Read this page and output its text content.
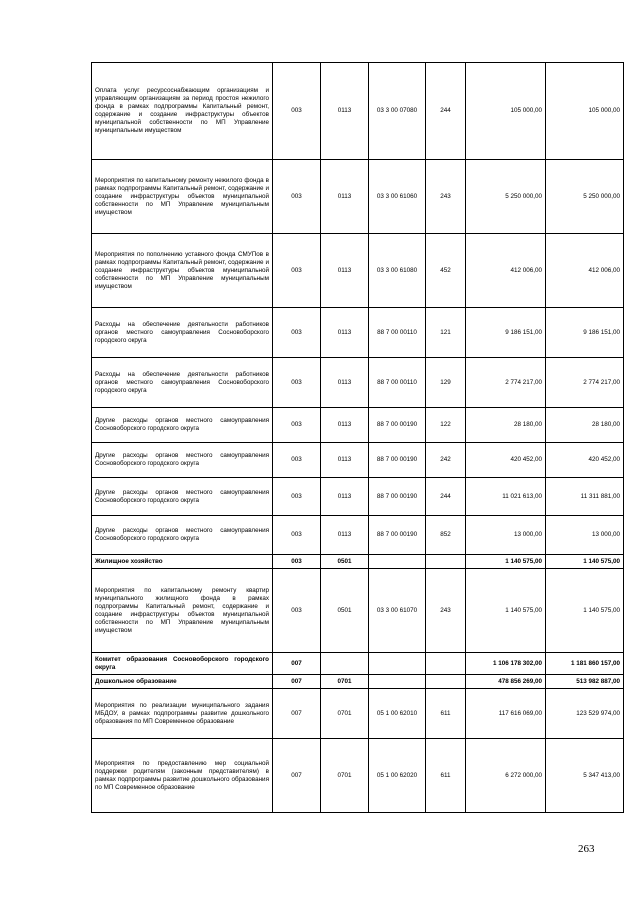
Оплата услуг ресурсоснабжающим организациям и управляющим организациям за период простоя нежилого фонда в рамках подпрограммы Капитальный ремонт, содержание и создание инфраструктуры объектов муниципальной собственности по МП Управление муниципальным имуществом	003	0113	03 3 00 07080	244	105 000,00	105 000,00
Мероприятия по капитальному ремонту нежилого фонда в рамках подпрограммы Капитальный ремонт, содержание и создание инфраструктуры объектов муниципальной собственности по МП Управление муниципальным имуществом	003	0113	03 3 00 61060	243	5 250 000,00	5 250 000,00
Мероприятия по пополнению уставного фонда СМУПов в рамках подпрограммы Капитальный ремонт, содержание и создание инфраструктуры объектов муниципальной собственности по МП Управление муниципальным имуществом	003	0113	03 3 00 61080	452	412 006,00	412 006,00
Расходы на обеспечение деятельности работников органов местного самоуправления Сосновоборского городского округа	003	0113	88 7 00 00110	121	9 186 151,00	9 186 151,00
Расходы на обеспечение деятельности работников органов местного самоуправления Сосновоборского городского округа	003	0113	88 7 00 00110	129	2 774 217,00	2 774 217,00
Другие расходы органов местного самоуправления Сосновоборского городского округа	003	0113	88 7 00 00190	122	28 180,00	28 180,00
Другие расходы органов местного самоуправления Сосновоборского городского округа	003	0113	88 7 00 00190	242	420 452,00	420 452,00
Другие расходы органов местного самоуправления Сосновоборского городского округа	003	0113	88 7 00 00190	244	11 021 613,00	11 311 881,00
Другие расходы органов местного самоуправления Сосновоборского городского округа	003	0113	88 7 00 00190	852	13 000,00	13 000,00
Жилищное хозяйство	003	0501			1 140 575,00	1 140 575,00
Мероприятия по капитальному ремонту квартир муниципального жилищного фонда в рамках подпрограммы Капитальный ремонт, содержание и создание инфраструктуры объектов муниципальной собственности по МП Управление муниципальным имуществом	003	0501	03 3 00 61070	243	1 140 575,00	1 140 575,00
Комитет образования Сосновоборского городского округа	007				1 106 178 302,00	1 181 860 157,00
Дошкольное образование	007	0701			478 856 269,00	513 982 887,00
Мероприятия по реализации муниципального задания МБДОУ, в рамках подпрограммы развитие дошкольного образования по МП Современное образование	007	0701	05 1 00 62010	611	117 616 069,00	123 529 974,00
Мероприятия по предоставлению мер социальной поддержки родителям (законным представителям) в рамках подпрограммы развитие дошкольного образования по МП Современное образование	007	0701	05 1 00 62020	611	6 272 000,00	5 347 413,00
263
